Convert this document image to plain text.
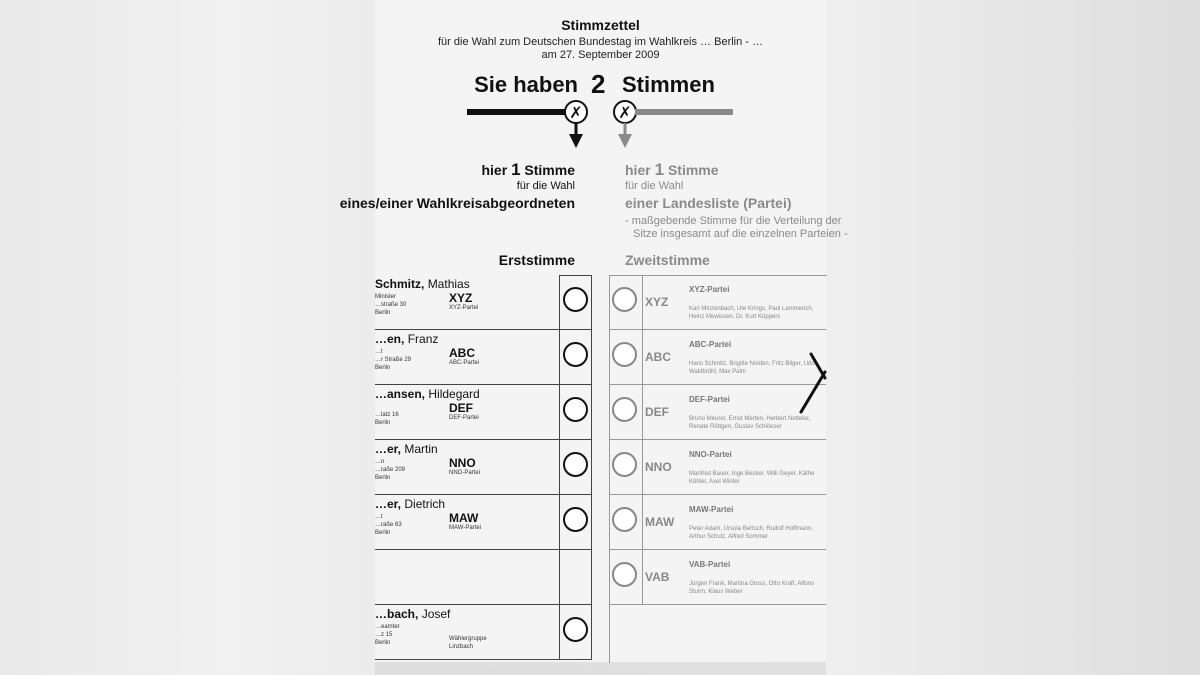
Stimmzettel
für die Wahl zum Deutschen Bundestag im Wahlkreis … Berlin - …
am 27. September 2009
Sie haben 2 Stimmen
✗ ✗
hier 1 Stimme
für die Wahl
eines/einer Wahlkreisabgeordneten
hier 1 Stimme
für die Wahl
einer Landesliste (Partei)
- maßgebende Stimme für die Verteilung der
Sitze insgesamt auf die einzelnen Parteien -
Erststimme	Zweitstimme
Schmitz, Mathias
Minister
…straße 30
Berlin
XYZ
XYZ-Partei
…en, Franz
…t
…r Straße 29
Berlin
ABC
ABC-Partei
…ansen, Hildegard
…latz 16
Berlin
DEF
DEF-Partei
…er, Martin
…n
…raße 209
Berlin
NNO
NNO-Partei
…er, Dietrich
…t
…raße 63
Berlin
MAW
MAW-Partei
…bach, Josef
…eamter
…z 15
Berlin
Wählergruppe Linzbach
XYZ
XYZ-Partei
Karl Minzenbach, Ute Krings, Paul Lammerich, Heinz Mewissen, Dr. Kurt Küppers
ABC
ABC-Partei
Hans Schmitz, Brigitte Nolden, Fritz Bilger, Udo Waldbröhl, Max Palm
DEF
DEF-Partei
Bruno Meurer, Ernst Merten, Herbert Netteke, Renate Röttgen, Gustav Schlöeser
NNO
NNO-Partei
Manfred Bauer, Inge Becker, Willi Geyer, Käthe Köhler, Axel Winter
MAW
MAW-Partei
Peter Adam, Ursula Bertsch, Rudolf Hoffmann, Arthur Schulz, Alfred Sommer
VAB
VAB-Partei
Jürgen Frank, Martina Gross, Otto Kraft, Alfons Sturm, Klaus Weber
